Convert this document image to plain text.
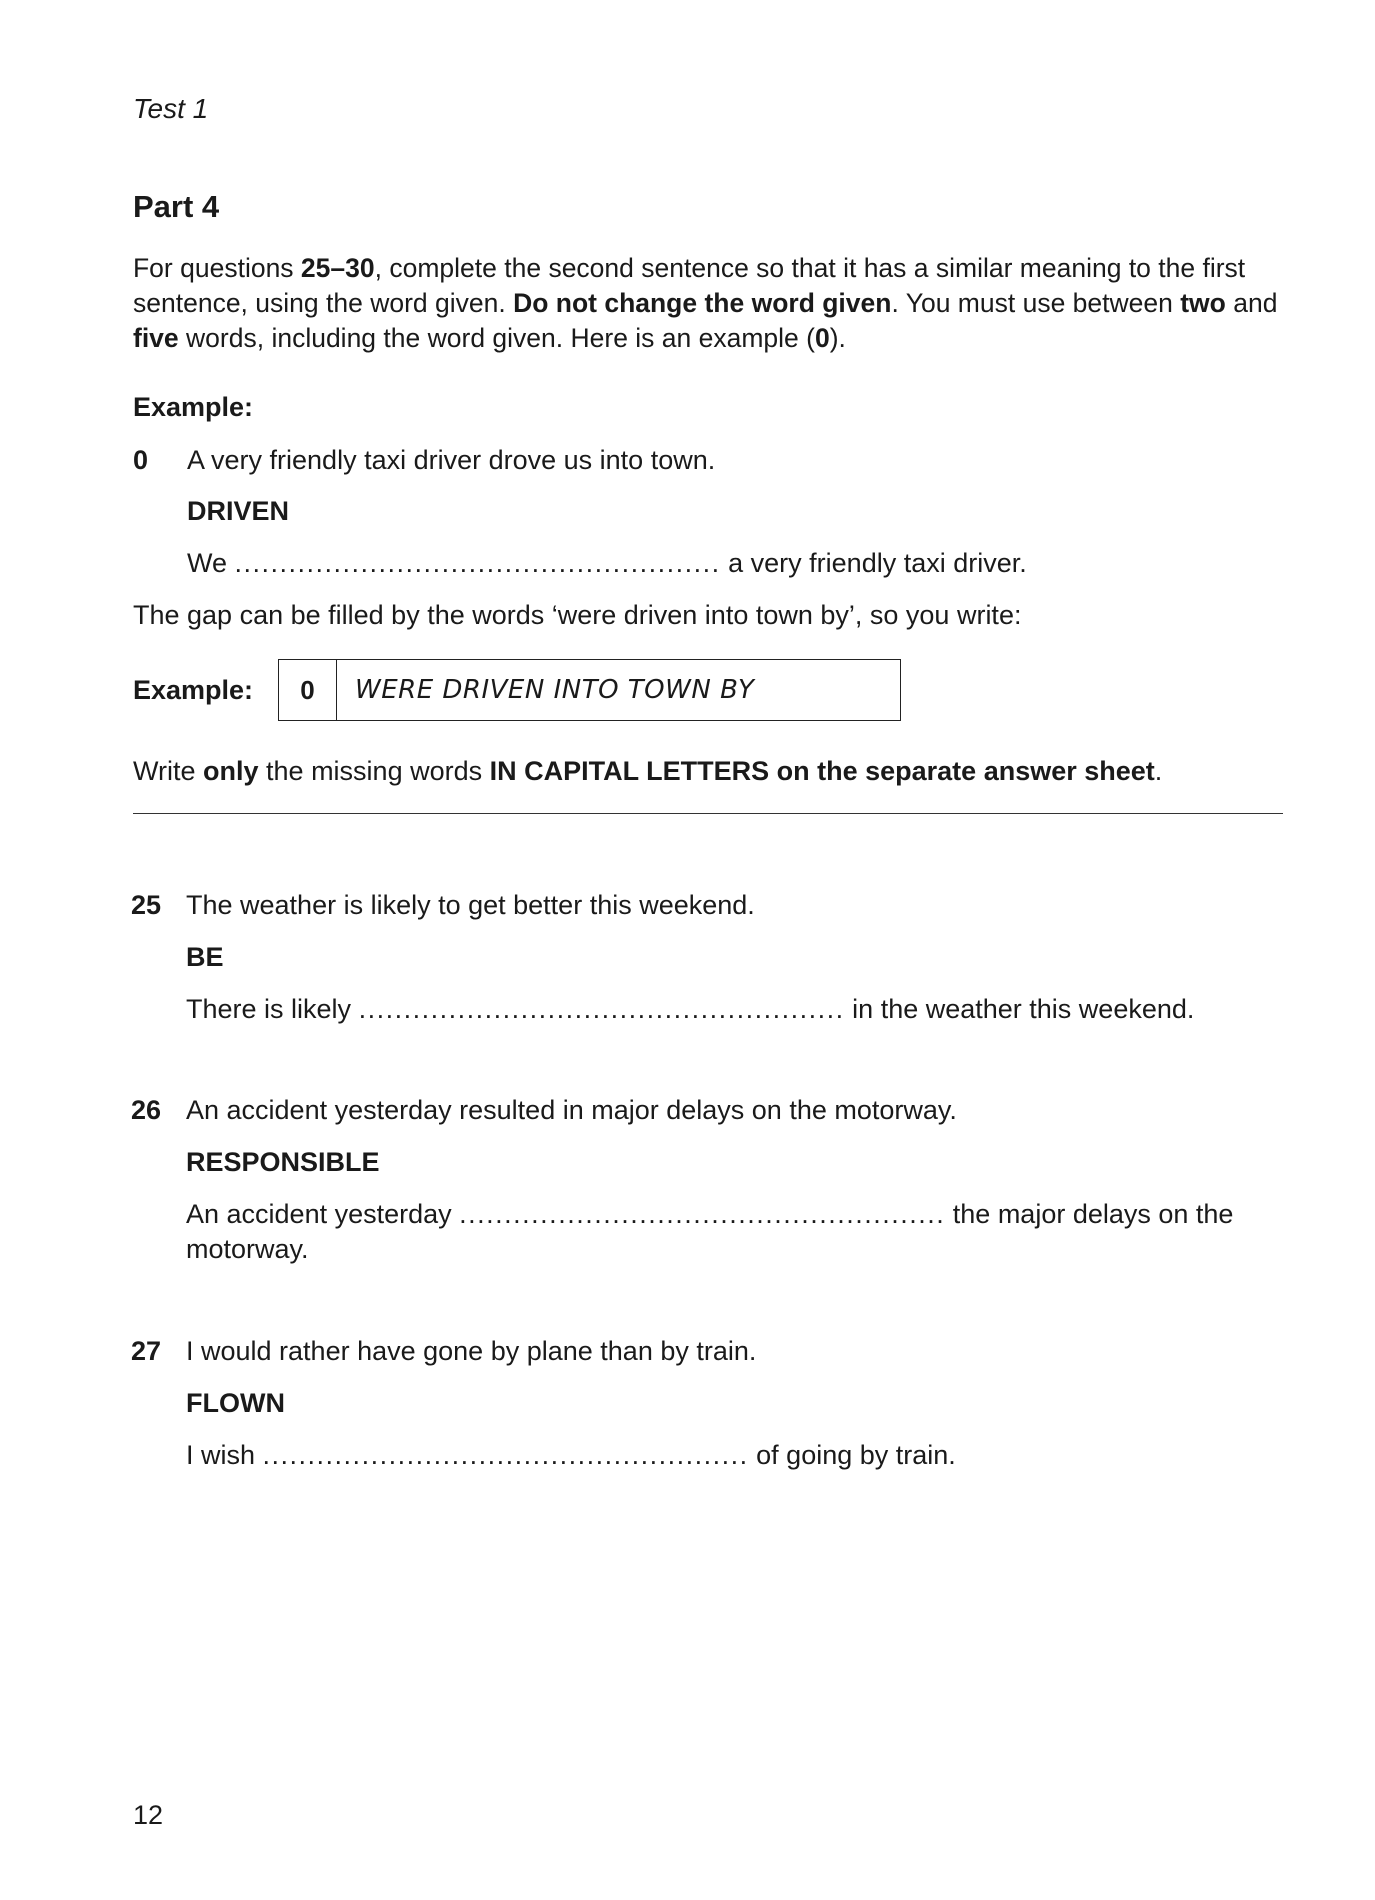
Test 1
Part 4
For questions 25–30, complete the second sentence so that it has a similar meaning to the first sentence, using the word given. Do not change the word given. You must use between two and five words, including the word given. Here is an example (0).
Example:
0 A very friendly taxi driver drove us into town.
DRIVEN
We ...................................................... a very friendly taxi driver.
The gap can be filled by the words ‘were driven into town by’, so you write:
Example:	0	WERE DRIVEN INTO TOWN BY
Write only the missing words IN CAPITAL LETTERS on the separate answer sheet.
25 The weather is likely to get better this weekend.
BE
There is likely ...................................................... in the weather this weekend.
26 An accident yesterday resulted in major delays on the motorway.
RESPONSIBLE
An accident yesterday ...................................................... the major delays on the
motorway.
27 I would rather have gone by plane than by train.
FLOWN
I wish ...................................................... of going by train.
12
